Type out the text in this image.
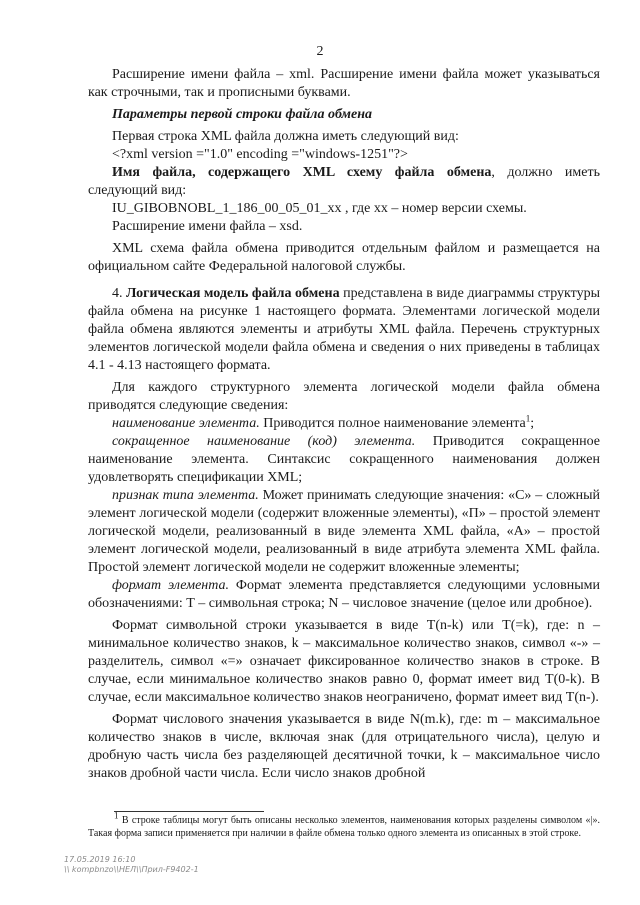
2

Расширение имени файла – xml. Расширение имени файла может указываться как строчными, так и прописными буквами.

Параметры первой строки файла обмена

Первая строка XML файла должна иметь следующий вид:

<?xml version ="1.0" encoding ="windows-1251"?>

Имя файла, содержащего XML схему файла обмена, должно иметь следующий вид:

IU_GIBOBNOBL_1_186_00_05_01_xx , где xx – номер версии схемы.

Расширение имени файла – xsd.

XML схема файла обмена приводится отдельным файлом и размещается на официальном сайте Федеральной налоговой службы.

4. Логическая модель файла обмена представлена в виде диаграммы структуры файла обмена на рисунке 1 настоящего формата. Элементами логической модели файла обмена являются элементы и атрибуты XML файла. Перечень структурных элементов логической модели файла обмена и сведения о них приведены в таблицах 4.1 - 4.13 настоящего формата.

Для каждого структурного элемента логической модели файла обмена приводятся следующие сведения:

наименование элемента. Приводится полное наименование элемента$^1$;

сокращенное наименование (код) элемента. Приводится сокращенное наименование элемента. Синтаксис сокращенного наименования должен удовлетворять спецификации XML;

признак типа элемента. Может принимать следующие значения: «С» – сложный элемент логической модели (содержит вложенные элементы), «П» – простой элемент логической модели, реализованный в виде элемента XML файла, «А» – простой элемент логической модели, реализованный в виде атрибута элемента XML файла. Простой элемент логической модели не содержит вложенные элементы;

формат элемента. Формат элемента представляется следующими условными обозначениями: Т – символьная строка; N – числовое значение (целое или дробное).

Формат символьной строки указывается в виде Т(n-k) или Т(=k), где: n – минимальное количество знаков, k – максимальное количество знаков, символ «-» – разделитель, символ «=» означает фиксированное количество знаков в строке. В случае, если минимальное количество знаков равно 0, формат имеет вид Т(0-k). В случае, если максимальное количество знаков неограничено, формат имеет вид Т(n-).

Формат числового значения указывается в виде N(m.k), где: m – максимальное количество знаков в числе, включая знак (для отрицательного числа), целую и дробную часть числа без разделяющей десятичной точки, k – максимальное число знаков дробной части числа. Если число знаков дробной

$^1$ В строке таблицы могут быть описаны несколько элементов, наименования которых разделены символом «|». Такая форма записи применяется при наличии в файле обмена только одного элемента из описанных в этой строке.

17.05.2019 16:10
\\ kompbnzo\\НЕЛ\\Прил-F9402-1
